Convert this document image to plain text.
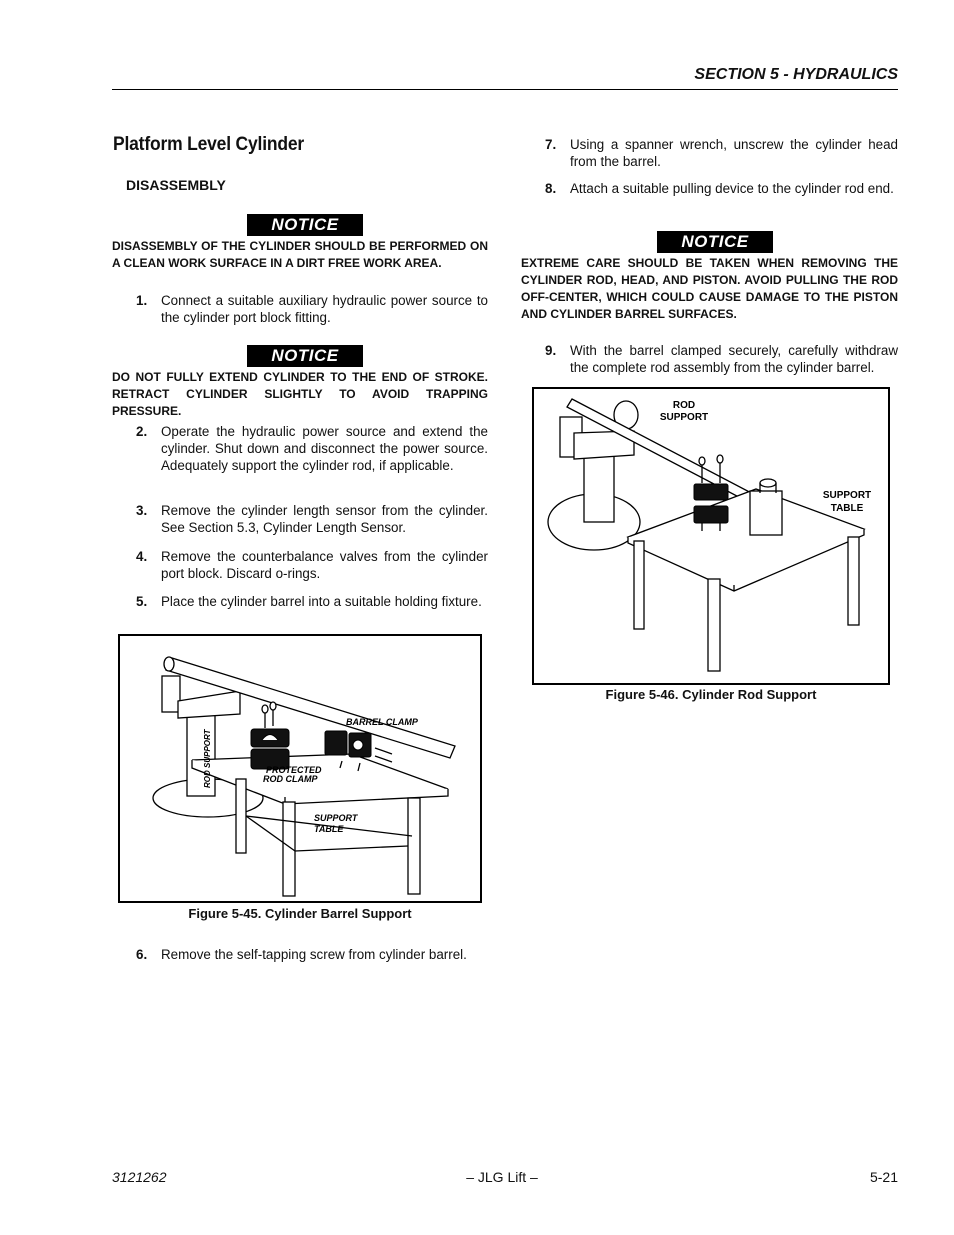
SECTION 5 - HYDRAULICS
Platform Level Cylinder
DISASSEMBLY
NOTICE
DISASSEMBLY OF THE CYLINDER SHOULD BE PERFORMED ON A CLEAN WORK SURFACE IN A DIRT FREE WORK AREA.
1. Connect a suitable auxiliary hydraulic power source to the cylinder port block fitting.
NOTICE
DO NOT FULLY EXTEND CYLINDER TO THE END OF STROKE. RETRACT CYLINDER SLIGHTLY TO AVOID TRAPPING PRESSURE.
2. Operate the hydraulic power source and extend the cylinder. Shut down and disconnect the power source. Adequately support the cylinder rod, if applicable.
3. Remove the cylinder length sensor from the cylinder. See Section 5.3, Cylinder Length Sensor.
4. Remove the counterbalance valves from the cylinder port block. Discard o-rings.
5. Place the cylinder barrel into a suitable holding fixture.
BARREL CLAMP
PROTECTED
ROD CLAMP
SUPPORT
TABLE
ROD SUPPORT
Figure 5-45. Cylinder Barrel Support
6. Remove the self-tapping screw from cylinder barrel.
7. Using a spanner wrench, unscrew the cylinder head from the barrel.
8. Attach a suitable pulling device to the cylinder rod end.
NOTICE
EXTREME CARE SHOULD BE TAKEN WHEN REMOVING THE CYLINDER ROD, HEAD, AND PISTON. AVOID PULLING THE ROD OFF-CENTER, WHICH COULD CAUSE DAMAGE TO THE PISTON AND CYLINDER BARREL SURFACES.
9. With the barrel clamped securely, carefully withdraw the complete rod assembly from the cylinder barrel.
ROD
SUPPORT
SUPPORT
TABLE
Figure 5-46. Cylinder Rod Support
3121262	– JLG Lift –	5-21
